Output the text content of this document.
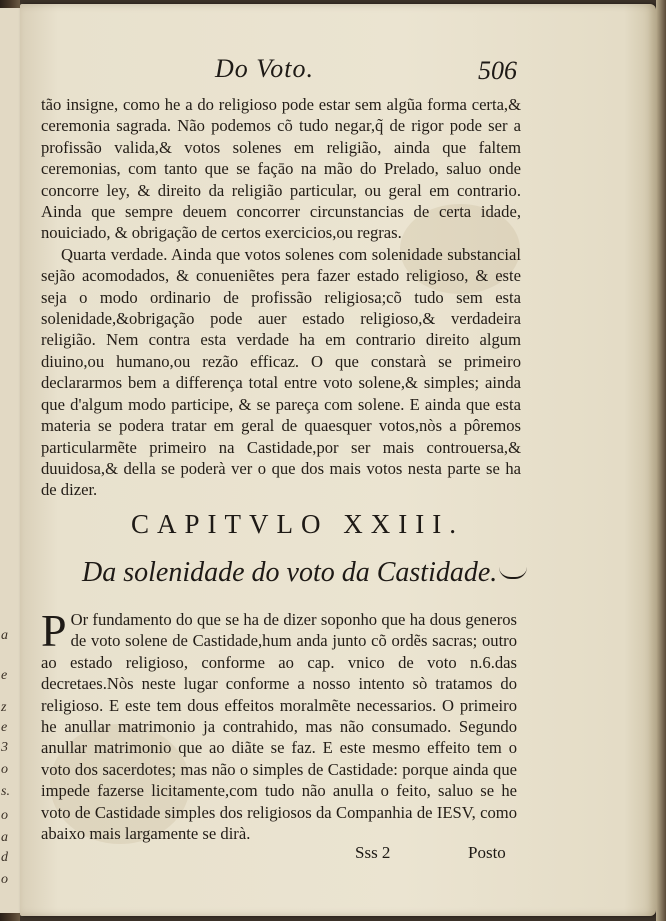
a
e
z
e
3
o
s.
o
a
d
o
Do Voto.	506

tão insigne, como he a do religioso pode estar sem algũa forma certa,& ceremonia sagrada. Não podemos cõ tudo negar,q̃ de rigor pode ser a profissão valida,& votos solenes em religião, ainda que faltem ceremonias, com tanto que se façāo na mão do Prelado, saluo onde concorre ley, & direito da religião particular, ou geral em contrario. Ainda que sempre deuem concorrer circunstancias de certa idade, nouiciado, & obrigação de certos exercicios,ou regras.

Quarta verdade. Ainda que votos solenes com solenidade substancial sejão acomodados, & conueniẽtes pera fazer estado religioso, & este seja o modo ordinario de profissão religiosa;cõ tudo sem esta solenidade,&obrigação pode auer estado religioso,& verdadeira religião. Nem contra esta verdade ha em contrario direito algum diuino,ou humano,ou rezão efficaz. O que constarà se primeiro declararmos bem a differença total entre voto solene,& simples; ainda que d'algum modo participe, & se pareça com solene. E ainda que esta materia se podera tratar em geral de quaesquer votos,nòs a pôremos particularmẽte primeiro na Castidade,por ser mais controuersa,& duuidosa,& della se poderà ver o que dos mais votos nesta parte se ha de dizer.

CAPITVLO XXIII.
Da solenidade do voto da Castidade.
P Or fundamento do que se ha de dizer soponho que ha dous generos de voto solene de Castidade,hum anda junto cõ ordẽs sacras; outro ao estado religioso, conforme ao cap. vnico de voto n.6.das decretaes.Nòs neste lugar conforme a nosso intento sò tratamos do religioso. E este tem dous effeitos moralmẽte necessarios. O primeiro he anullar matrimonio ja contrahido, mas não consumado. Segundo anullar matrimonio que ao diãte se faz. E este mesmo effeito tem o voto dos sacerdotes; mas não o simples de Castidade: porque ainda que impede fazerse licitamente,com tudo não anulla o feito, saluo se he voto de Castidade simples dos religiosos da Companhia de IESV, como abaixo mais largamente se dirà.
Sss 2	Posto
